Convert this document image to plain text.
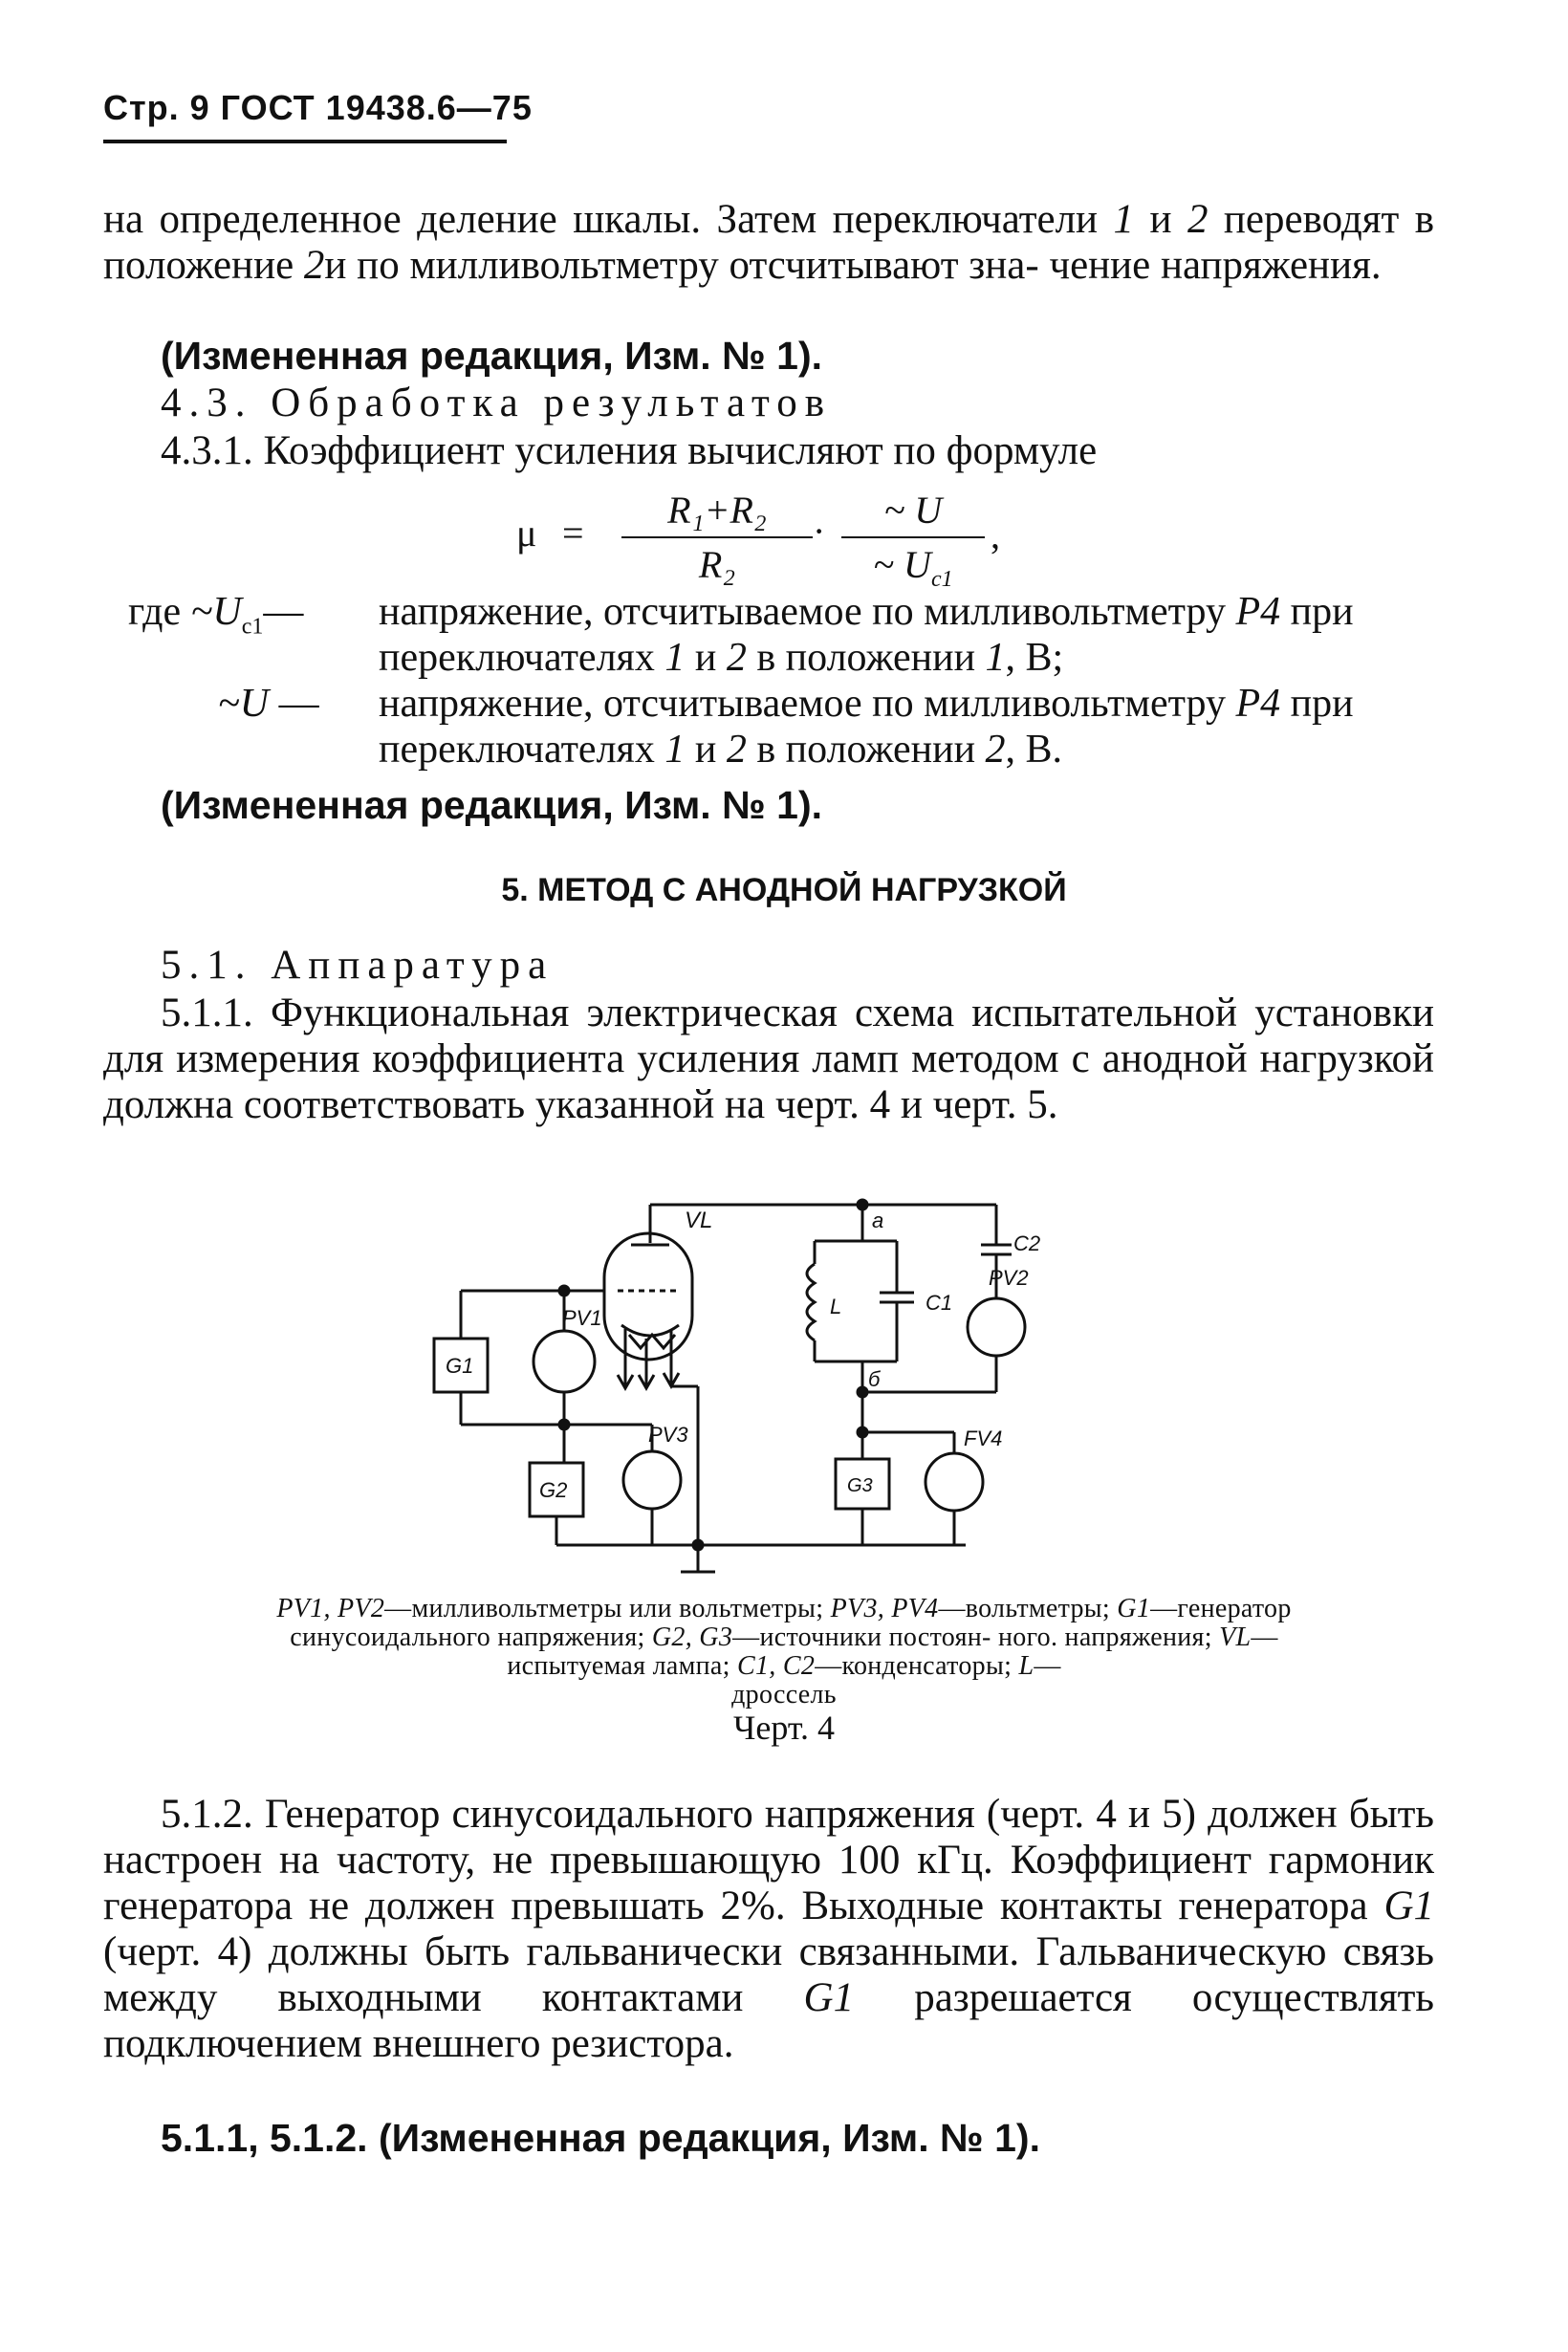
Стр. 9 ГОСТ 19438.6—75

на определенное деление шкалы. Затем переключатели 1 и 2 переводят в положение 2и по милливольтметру отсчитывают зна- чение напряжения.

(Измененная редакция, Изм. № 1).

4.3. Обработка результатов

4.3.1. Коэффициент усиления вычисляют по формуле

μ =
R₁+R₂
R₂
·	~ U
~ $U_{c1}$
,
где $\sim U_{c1}—$ напряжение, отсчитываемое по милливольтметру P4 при переключателях 1 и 2 в положении 1, В;
~U — напряжение, отсчитываемое по милливольтметру P4 при переключателях 1 и 2 в положении 2, В.

(Измененная редакция, Изм. № 1).

5. МЕТОД С АНОДНОЙ НАГРУЗКОЙ

5.1. Аппаратура

5.1.1. Функциональная электрическая схема испытательной установки для измерения коэффициента усиления ламп методом с анодной нагрузкой должна соответствовать указанной на черт. 4 и черт. 5.

VL
G1
PV1
PV3
G2
a
L	C1
б
C2
PV2
G3
FV4
PV1, PV2—милливольтметры или вольтметры; PV3, PV4—вольтметры; G1—генератор синусоидального напряжения; G2, G3—источники постоян- ного. напряжения; VL—испытуемая лампа; C1, C2—конденсаторы; L—
дроссель
Черт. 4

5.1.2. Генератор синусоидального напряжения (черт. 4 и 5) должен быть настроен на частоту, не превышающую 100 кГц. Коэффициент гармоник генератора не должен превышать 2%. Выходные контакты генератора G1 (черт. 4) должны быть гальванически связанными. Гальваническую связь между выходными контактами G1 разрешается осуществлять подключением внешнего резистора.

5.1.1, 5.1.2. (Измененная редакция, Изм. № 1).
